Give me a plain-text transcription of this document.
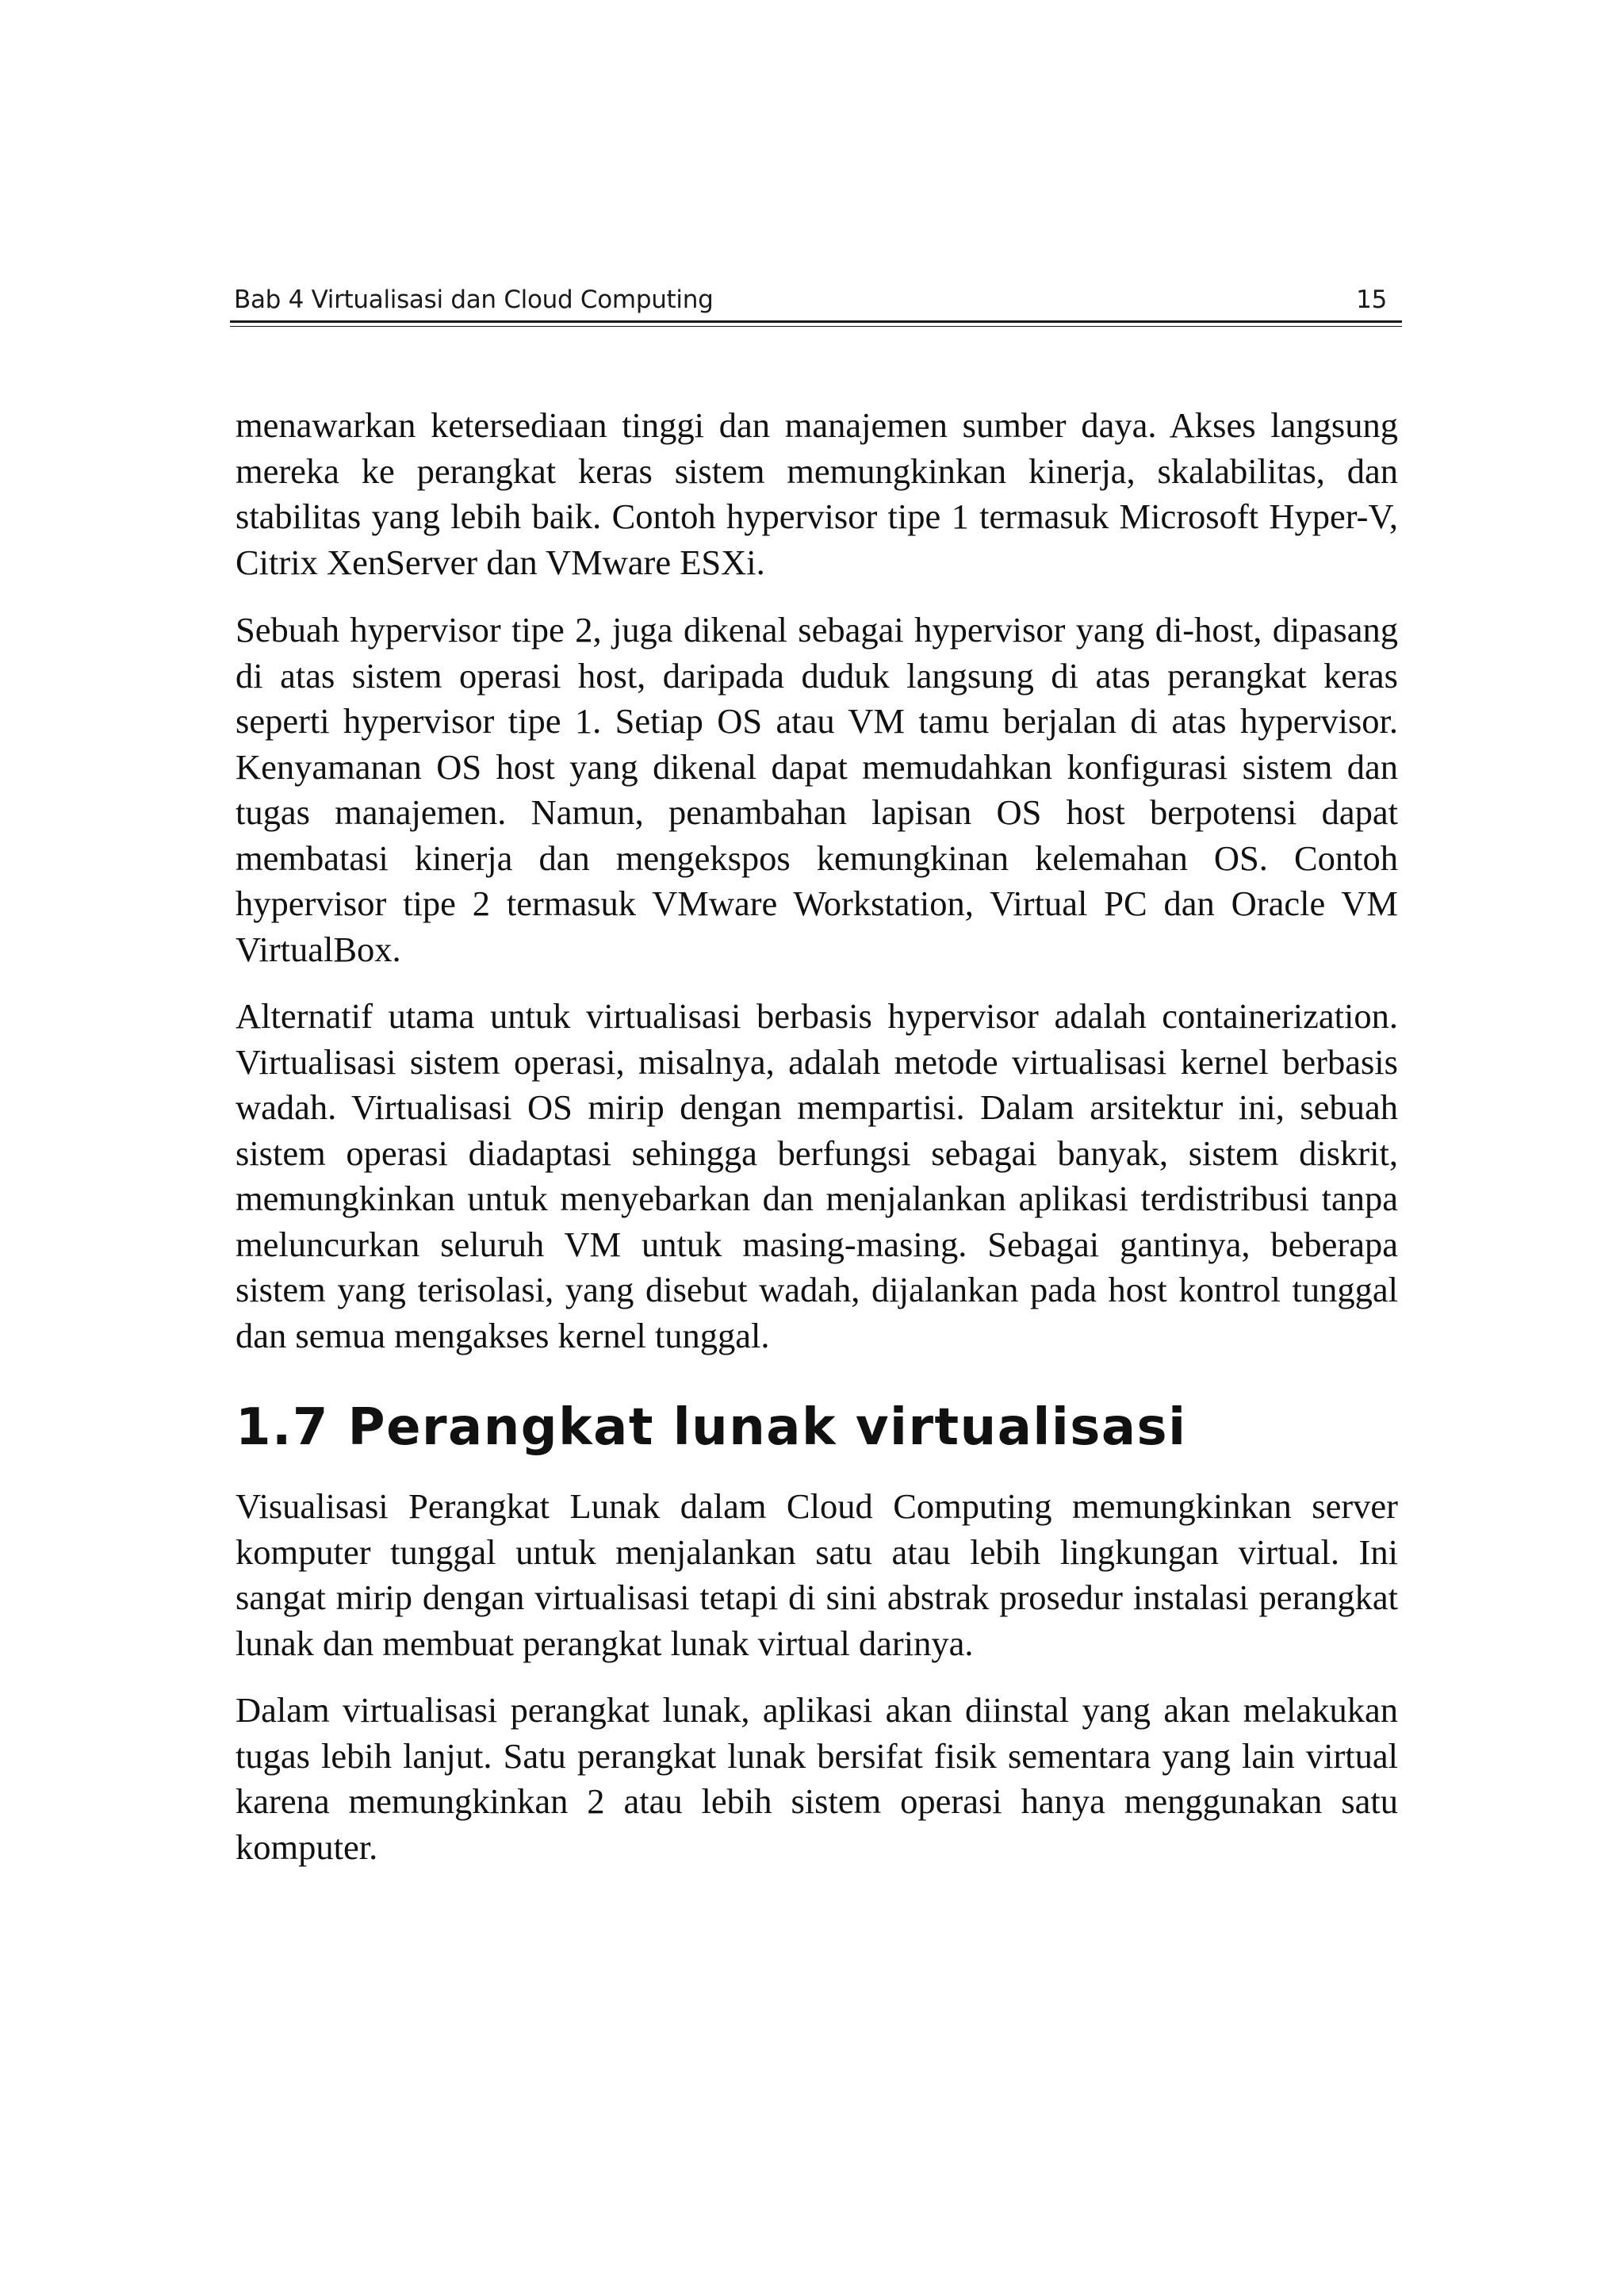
Bab 4 Virtualisasi dan Cloud Computing	15

menawarkan ketersediaan tinggi dan manajemen sumber daya. Akses langsung mereka ke perangkat keras sistem memungkinkan kinerja, skalabilitas, dan stabilitas yang lebih baik. Contoh hypervisor tipe 1 termasuk Microsoft Hyper-V, Citrix XenServer dan VMware ESXi.

Sebuah hypervisor tipe 2, juga dikenal sebagai hypervisor yang di-host, dipasang di atas sistem operasi host, daripada duduk langsung di atas perangkat keras seperti hypervisor tipe 1. Setiap OS atau VM tamu berjalan di atas hypervisor. Kenyamanan OS host yang dikenal dapat memudahkan konfigurasi sistem dan tugas manajemen. Namun, penambahan lapisan OS host berpotensi dapat membatasi kinerja dan mengekspos kemungkinan kelemahan OS. Contoh hypervisor tipe 2 termasuk VMware Workstation, Virtual PC dan Oracle VM VirtualBox.

Alternatif utama untuk virtualisasi berbasis hypervisor adalah containerization. Virtualisasi sistem operasi, misalnya, adalah metode virtualisasi kernel berbasis wadah. Virtualisasi OS mirip dengan mempartisi. Dalam arsitektur ini, sebuah sistem operasi diadaptasi sehingga berfungsi sebagai banyak, sistem diskrit, memungkinkan untuk menyebarkan dan menjalankan aplikasi terdistribusi tanpa meluncurkan seluruh VM untuk masing-masing. Sebagai gantinya, beberapa sistem yang terisolasi, yang disebut wadah, dijalankan pada host kontrol tunggal dan semua mengakses kernel tunggal.

1.7 Perangkat lunak virtualisasi

Visualisasi Perangkat Lunak dalam Cloud Computing memungkinkan server komputer tunggal untuk menjalankan satu atau lebih lingkungan virtual. Ini sangat mirip dengan virtualisasi tetapi di sini abstrak prosedur instalasi perangkat lunak dan membuat perangkat lunak virtual darinya.

Dalam virtualisasi perangkat lunak, aplikasi akan diinstal yang akan melakukan tugas lebih lanjut. Satu perangkat lunak bersifat fisik sementara yang lain virtual karena memungkinkan 2 atau lebih sistem operasi hanya menggunakan satu komputer.
